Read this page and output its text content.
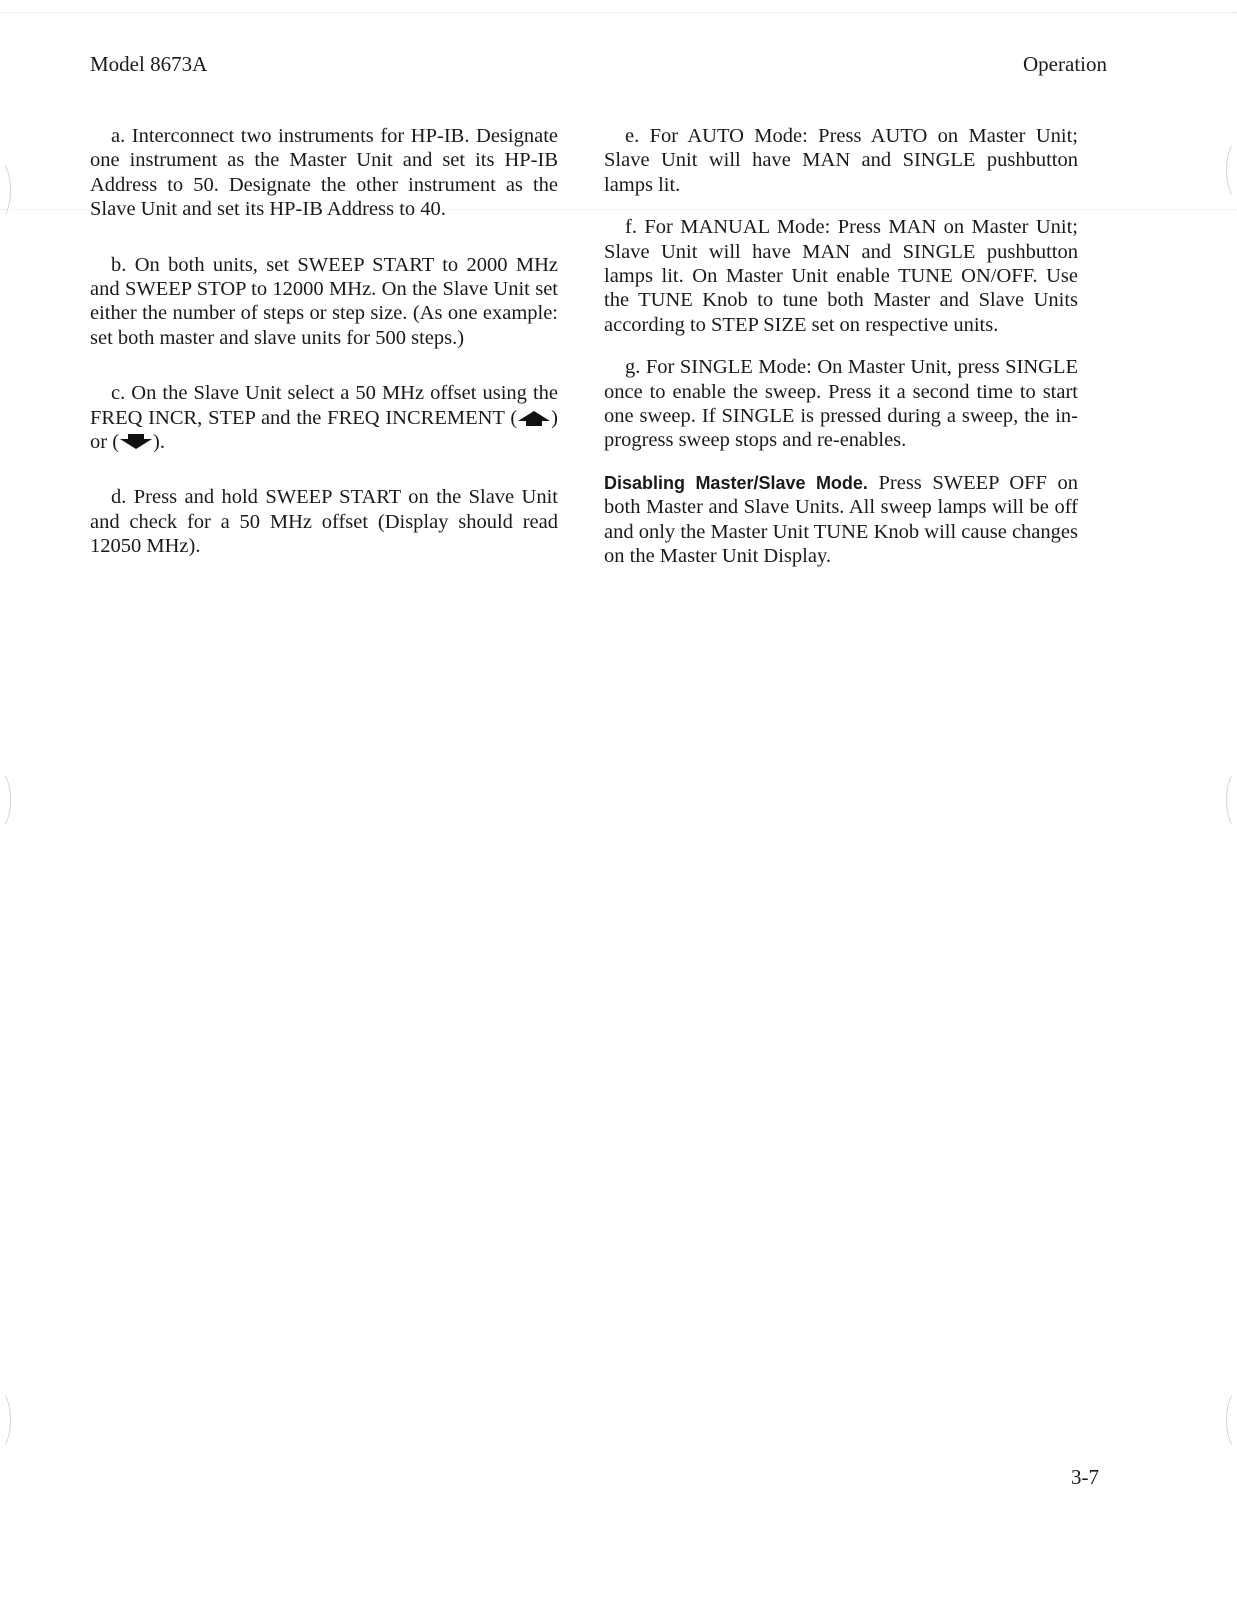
Model 8673A	Operation

a. Interconnect two instruments for HP-IB. Designate one instrument as the Master Unit and set its HP-IB Address to 50. Designate the other instrument as the Slave Unit and set its HP-IB Address to 40.

b. On both units, set SWEEP START to 2000 MHz and SWEEP STOP to 12000 MHz. On the Slave Unit set either the number of steps or step size. (As one example: set both master and slave units for 500 steps.)

c. On the Slave Unit select a 50 MHz offset using the FREQ INCR, STEP and the FREQ INCREMENT ( ) or ( ).

d. Press and hold SWEEP START on the Slave Unit and check for a 50 MHz offset (Display should read 12050 MHz).

e. For AUTO Mode: Press AUTO on Master Unit; Slave Unit will have MAN and SINGLE pushbutton lamps lit.

f. For MANUAL Mode: Press MAN on Master Unit; Slave Unit will have MAN and SINGLE pushbutton lamps lit. On Master Unit enable TUNE ON/OFF. Use the TUNE Knob to tune both Master and Slave Units according to STEP SIZE set on respective units.

g. For SINGLE Mode: On Master Unit, press SINGLE once to enable the sweep. Press it a second time to start one sweep. If SINGLE is pressed during a sweep, the in-progress sweep stops and re-enables.

Disabling Master/Slave Mode. Press SWEEP OFF on both Master and Slave Units. All sweep lamps will be off and only the Master Unit TUNE Knob will cause changes on the Master Unit Display.

3-7
